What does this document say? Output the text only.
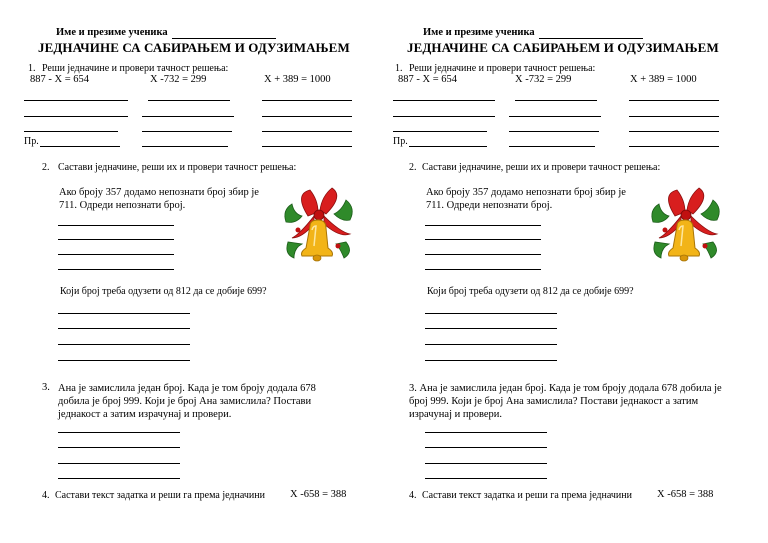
Име и презиме ученика
ЈЕДНАЧИНЕ СА САБИРАЊЕМ И ОДУЗИМАЊЕМ
1. Реши једначине и провери тачност решења:
887 - X = 654	X -732 = 299	X + 389 = 1000
Пр.
2. Састави једначине, реши их и провери тачност решења:
Ако броју 357 додамо непознати број збир је 711. Одреди непознати број.
Који број треба одузети од 812 да се добије 699?
3. Ана је замислила један број. Када је том броју додала 678 добила је број 999. Који је број Ана замислила? Постави једнакост а затим израчунај и провери.
4. Састави текст задатка и реши га према једначини X -658 = 388
Име и презиме ученика
ЈЕДНАЧИНЕ СА САБИРАЊЕМ И ОДУЗИМАЊЕМ
1. Реши једначине и провери тачност решења:
887 - X = 654	X -732 = 299	X + 389 = 1000
Пр.
2. Састави једначине, реши их и провери тачност решења:
Ако броју 357 додамо непознати број збир је 711. Одреди непознати број.
Који број треба одузети од 812 да се добије 699?
3. Ана је замислила један број. Када је том броју додала 678 добила је број 999. Који је број Ана замислила? Постави једнакост а затим израчунај и провери.
4. Састави текст задатка и реши га према једначини X -658 = 388
